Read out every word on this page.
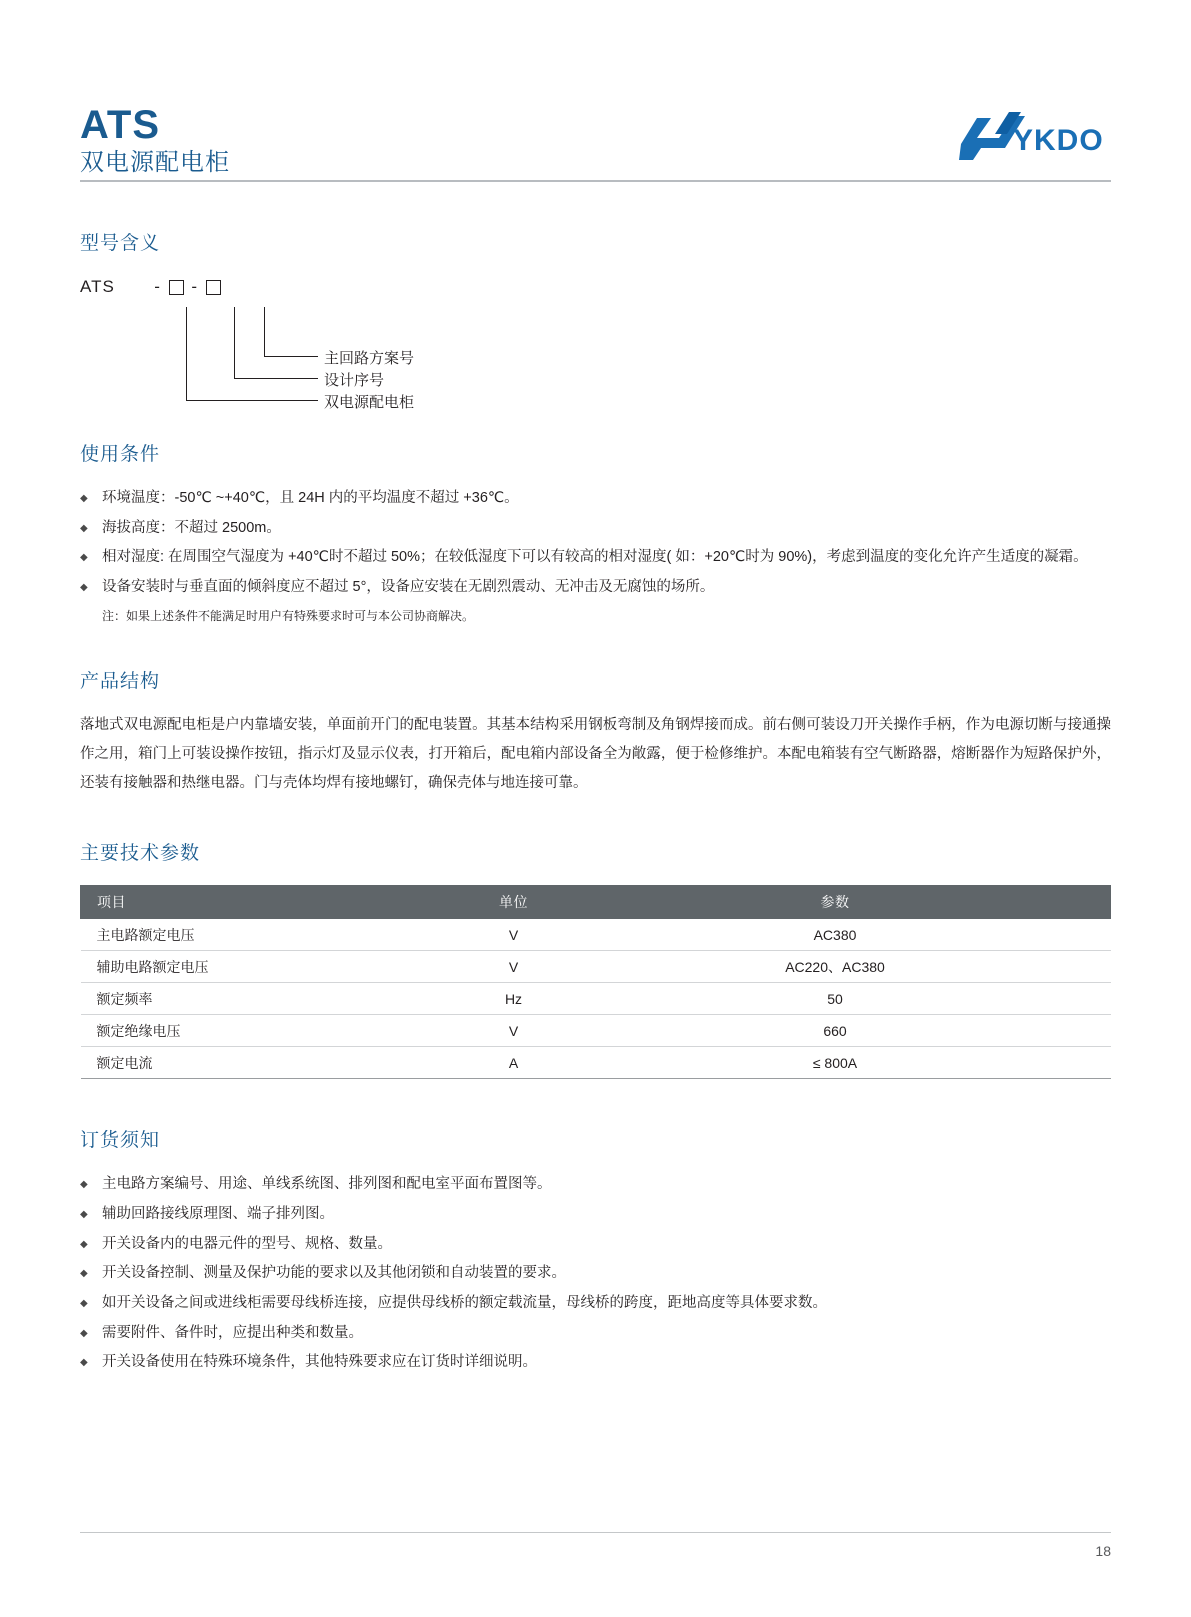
ATS
双电源配电柜
YKDO
型号含义
ATS - -
主回路方案号
设计序号
双电源配电柜
使用条件
◆ 环境温度：-50℃ ~+40℃，且 24H 内的平均温度不超过 +36℃。
◆ 海拔高度：不超过 2500m。
◆ 相对湿度: 在周围空气湿度为 +40℃时不超过 50%；在较低湿度下可以有较高的相对湿度( 如：+20℃时为 90%)，考虑到温度的变化允许产生适度的凝霜。
◆ 设备安装时与垂直面的倾斜度应不超过 5°，设备应安装在无剧烈震动、无冲击及无腐蚀的场所。
注：如果上述条件不能满足时用户有特殊要求时可与本公司协商解决。
产品结构
落地式双电源配电柜是户内靠墙安装，单面前开门的配电装置。其基本结构采用钢板弯制及角钢焊接而成。前右侧可装设刀开关操作手柄，作为电源切断与接通操作之用，箱门上可装设操作按钮，指示灯及显示仪表，打开箱后，配电箱内部设备全为敞露，便于检修维护。本配电箱装有空气断路器，熔断器作为短路保护外，还装有接触器和热继电器。门与壳体均焊有接地螺钉，确保壳体与地连接可靠。
主要技术参数
项目	单位	参数
主电路额定电压	V	AC380
辅助电路额定电压	V	AC220、AC380
额定频率	Hz	50
额定绝缘电压	V	660
额定电流	A	≤ 800A
订货须知
◆ 主电路方案编号、用途、单线系统图、排列图和配电室平面布置图等。
◆ 辅助回路接线原理图、端子排列图。
◆ 开关设备内的电器元件的型号、规格、数量。
◆ 开关设备控制、测量及保护功能的要求以及其他闭锁和自动装置的要求。
◆ 如开关设备之间或进线柜需要母线桥连接，应提供母线桥的额定载流量，母线桥的跨度，距地高度等具体要求数。
◆ 需要附件、备件时，应提出种类和数量。
◆ 开关设备使用在特殊环境条件，其他特殊要求应在订货时详细说明。
18
